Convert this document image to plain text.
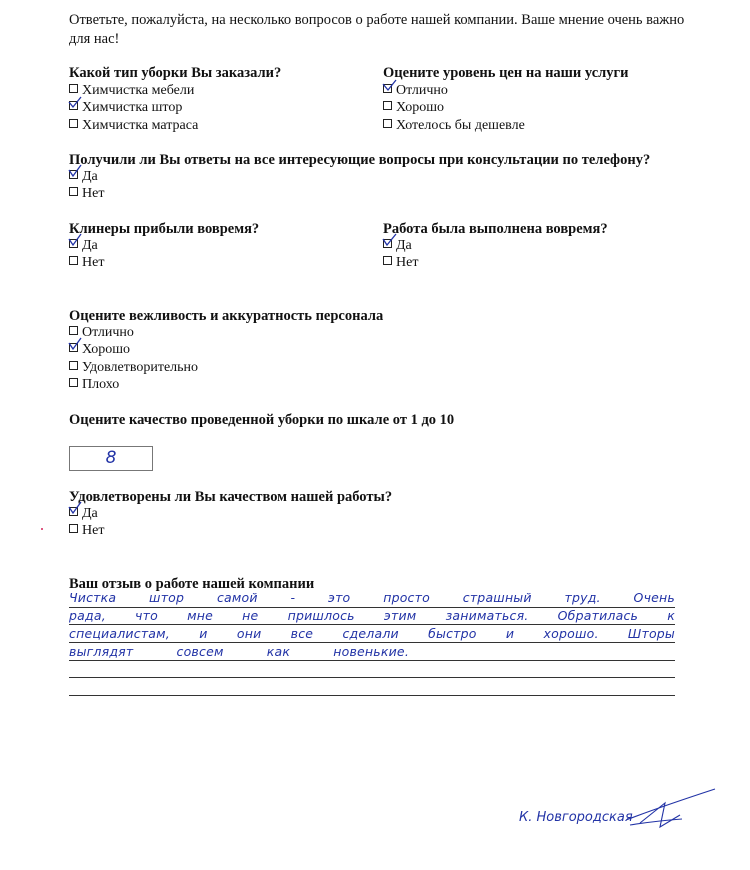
Ответьте, пожалуйста, на несколько вопросов о работе нашей компании. Ваше мнение очень важно для нас!
Какой тип уборки Вы заказали?
Химчистка мебели
Химчистка штор
Химчистка матраса
Оцените уровень цен на наши услуги
Отлично
Хорошо
Хотелось бы дешевле
Получили ли Вы ответы на все интересующие вопросы при консультации по телефону?
Да
Нет
Клинеры прибыли вовремя?
Да
Нет
Работа была выполнена вовремя?
Да
Нет
Оцените вежливость и аккуратность персонала
Отлично
Хорошо
Удовлетворительно
Плохо
Оцените качество проведенной уборки по шкале от 1 до 10
8
Удовлетворены ли Вы качеством нашей работы?
Да
Нет
Ваш отзыв о работе нашей компании
Чистка штор самой - это просто страшный труд. Очень
рада, что мне не пришлось этим заниматься. Обратилась к
специалистам, и они все сделали быстро и хорошо. Шторы
выглядят совсем как новенькие.
К. Новгородская
